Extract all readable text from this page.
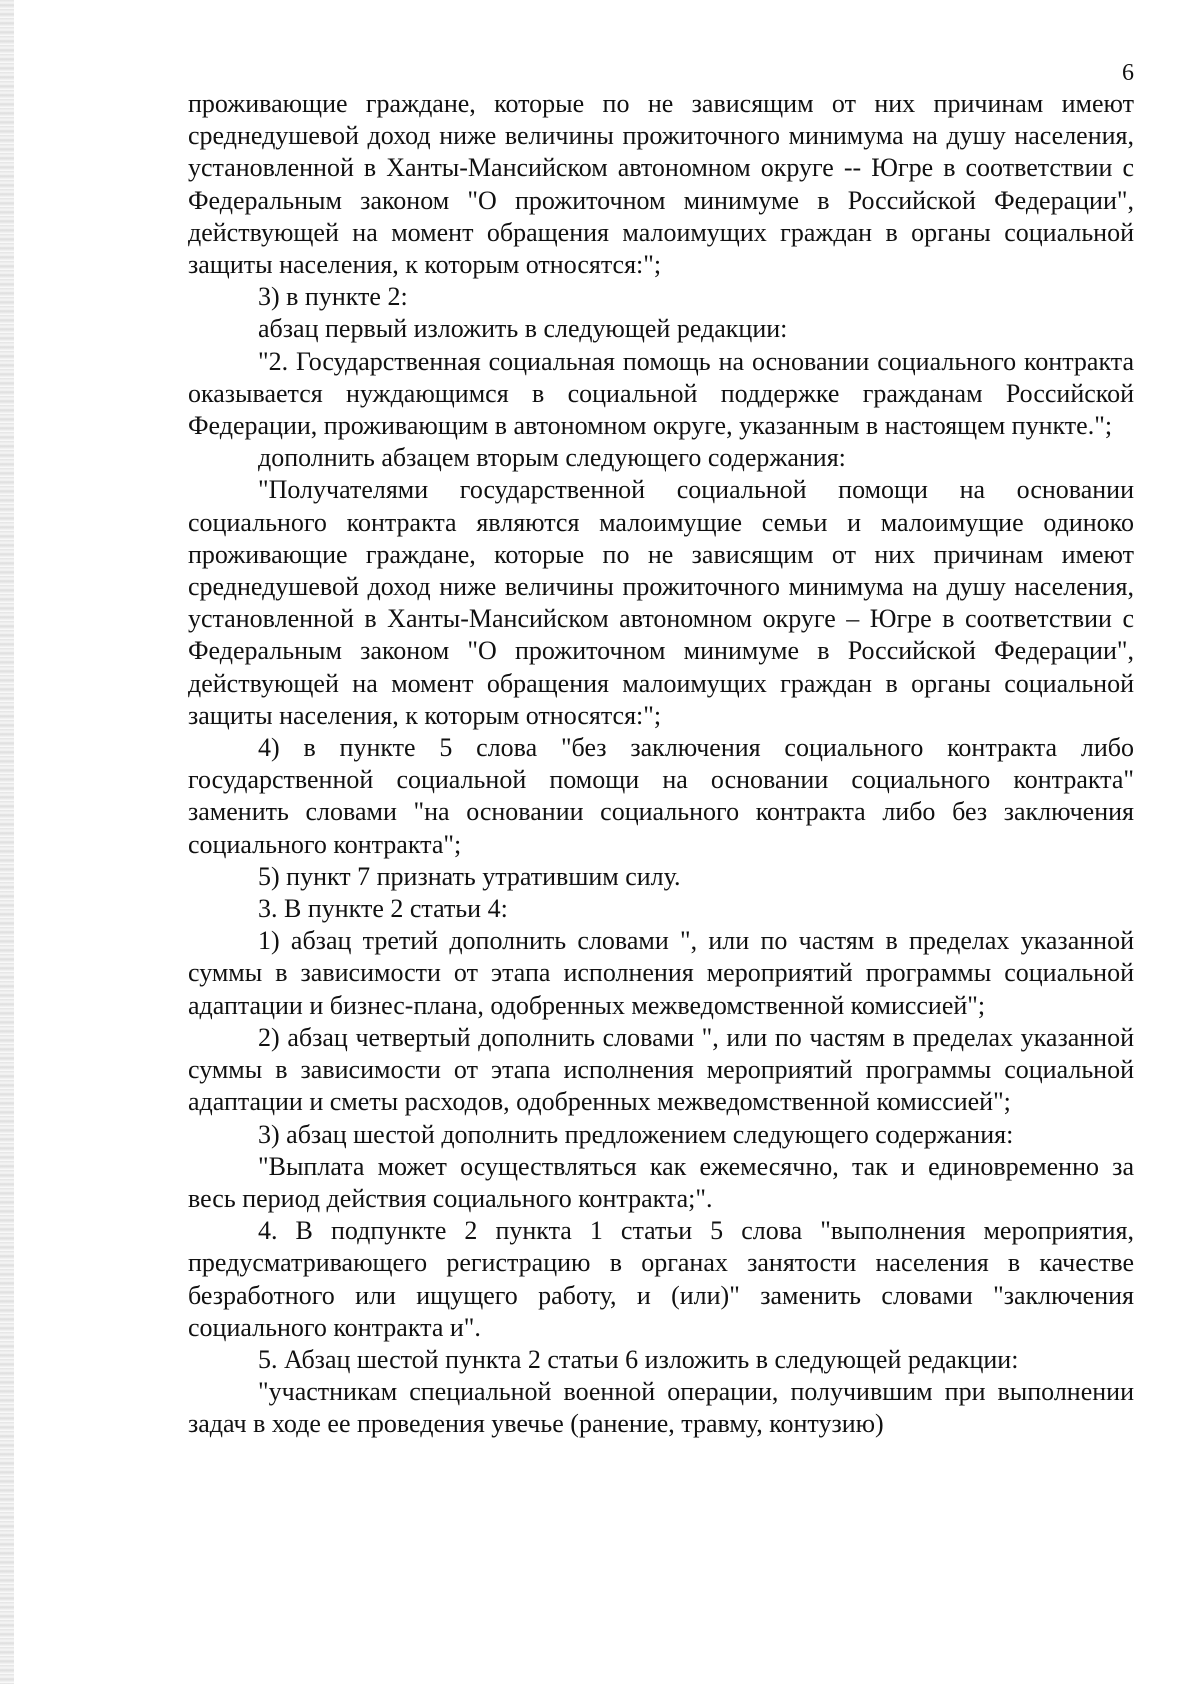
6

проживающие граждане, которые по не зависящим от них причинам имеют среднедушевой доход ниже величины прожиточного минимума на душу населения, установленной в Ханты-Мансийском автономном округе -- Югре в соответствии с Федеральным законом "О прожиточном минимуме в Российской Федерации", действующей на момент обращения малоимущих граждан в органы социальной защиты населения, к которым относятся:";

3) в пункте 2:

абзац первый изложить в следующей редакции:

"2. Государственная социальная помощь на основании социального контракта оказывается нуждающимся в социальной поддержке гражданам Российской Федерации, проживающим в автономном округе, указанным в настоящем пункте.";

дополнить абзацем вторым следующего содержания:

"Получателями государственной социальной помощи на основании социального контракта являются малоимущие семьи и малоимущие одиноко проживающие граждане, которые по не зависящим от них причинам имеют среднедушевой доход ниже величины прожиточного минимума на душу населения, установленной в Ханты-Мансийском автономном округе – Югре в соответствии с Федеральным законом "О прожиточном минимуме в Российской Федерации", действующей на момент обращения малоимущих граждан в органы социальной защиты населения, к которым относятся:";

4) в пункте 5 слова "без заключения социального контракта либо государственной социальной помощи на основании социального контракта" заменить словами "на основании социального контракта либо без заключения социального контракта";

5) пункт 7 признать утратившим силу.

3. В пункте 2 статьи 4:

1) абзац третий дополнить словами ", или по частям в пределах указанной суммы в зависимости от этапа исполнения мероприятий программы социальной адаптации и бизнес-плана, одобренных межведомственной комиссией";

2) абзац четвертый дополнить словами ", или по частям в пределах указанной суммы в зависимости от этапа исполнения мероприятий программы социальной адаптации и сметы расходов, одобренных межведомственной комиссией";

3) абзац шестой дополнить предложением следующего содержания:

"Выплата может осуществляться как ежемесячно, так и единовременно за весь период действия социального контракта;".

4. В подпункте 2 пункта 1 статьи 5 слова "выполнения мероприятия, предусматривающего регистрацию в органах занятости населения в качестве безработного или ищущего работу, и (или)" заменить словами "заключения социального контракта и".

5. Абзац шестой пункта 2 статьи 6 изложить в следующей редакции:

"участникам специальной военной операции, получившим при выполнении задач в ходе ее проведения увечье (ранение, травму, контузию)
